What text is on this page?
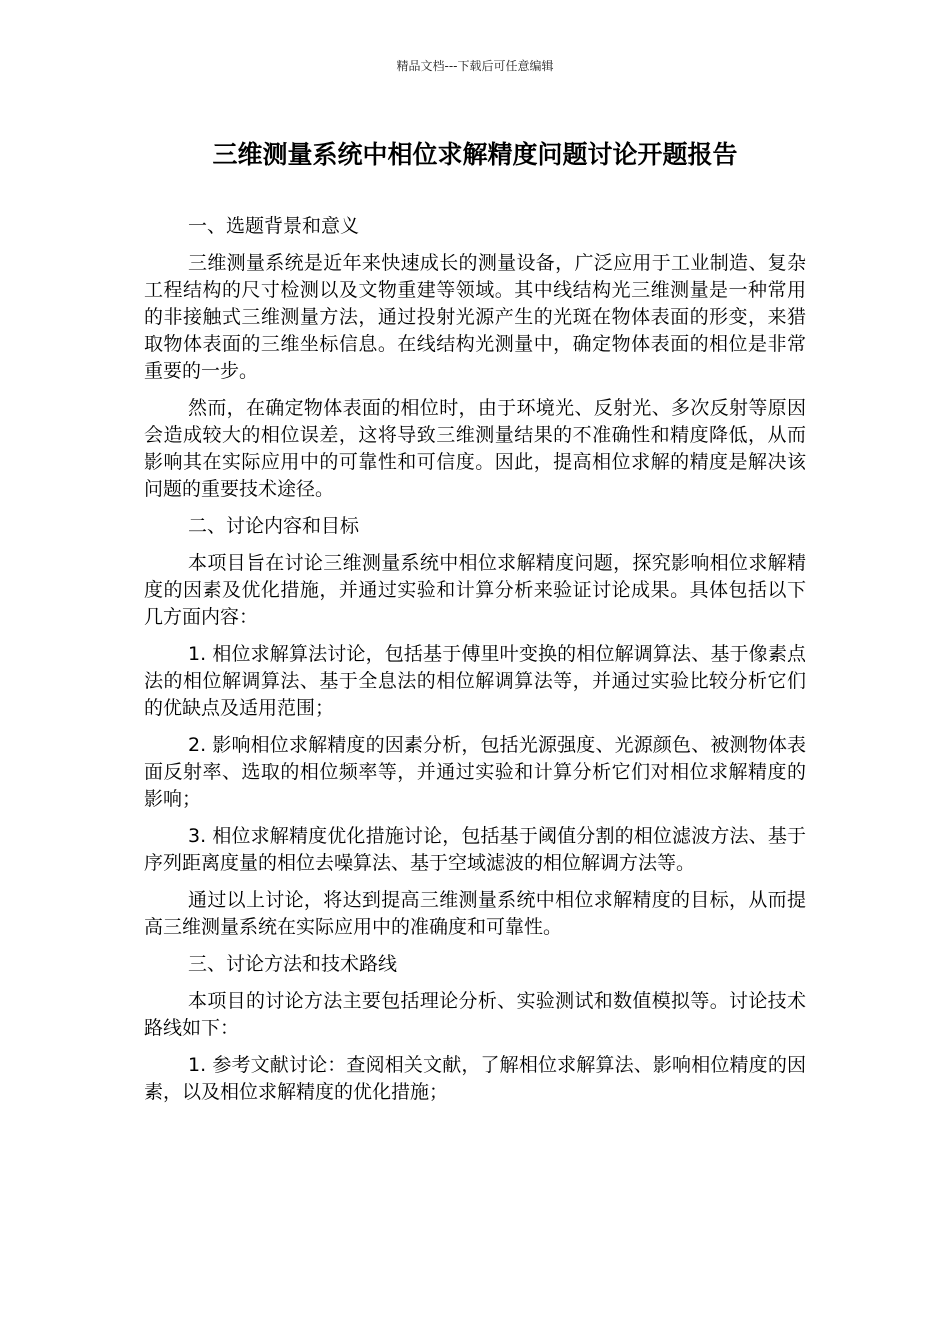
精品文档---下载后可任意编辑
三维测量系统中相位求解精度问题讨论开题报告

一、选题背景和意义

三维测量系统是近年来快速成长的测量设备，广泛应用于工业制造、复杂工程结构的尺寸检测以及文物重建等领域。其中线结构光三维测量是一种常用的非接触式三维测量方法，通过投射光源产生的光斑在物体表面的形变，来猎取物体表面的三维坐标信息。在线结构光测量中，确定物体表面的相位是非常重要的一步。

然而，在确定物体表面的相位时，由于环境光、反射光、多次反射等原因会造成较大的相位误差，这将导致三维测量结果的不准确性和精度降低，从而影响其在实际应用中的可靠性和可信度。因此，提高相位求解的精度是解决该问题的重要技术途径。

二、讨论内容和目标

本项目旨在讨论三维测量系统中相位求解精度问题，探究影响相位求解精度的因素及优化措施，并通过实验和计算分析来验证讨论成果。具体包括以下几方面内容：

1. 相位求解算法讨论，包括基于傅里叶变换的相位解调算法、基于像素点法的相位解调算法、基于全息法的相位解调算法等，并通过实验比较分析它们的优缺点及适用范围；

2. 影响相位求解精度的因素分析，包括光源强度、光源颜色、被测物体表面反射率、选取的相位频率等，并通过实验和计算分析它们对相位求解精度的影响；

3. 相位求解精度优化措施讨论，包括基于阈值分割的相位滤波方法、基于序列距离度量的相位去噪算法、基于空域滤波的相位解调方法等。

通过以上讨论，将达到提高三维测量系统中相位求解精度的目标，从而提高三维测量系统在实际应用中的准确度和可靠性。

三、讨论方法和技术路线

本项目的讨论方法主要包括理论分析、实验测试和数值模拟等。讨论技术路线如下：

1. 参考文献讨论：查阅相关文献，了解相位求解算法、影响相位精度的因素，以及相位求解精度的优化措施；
